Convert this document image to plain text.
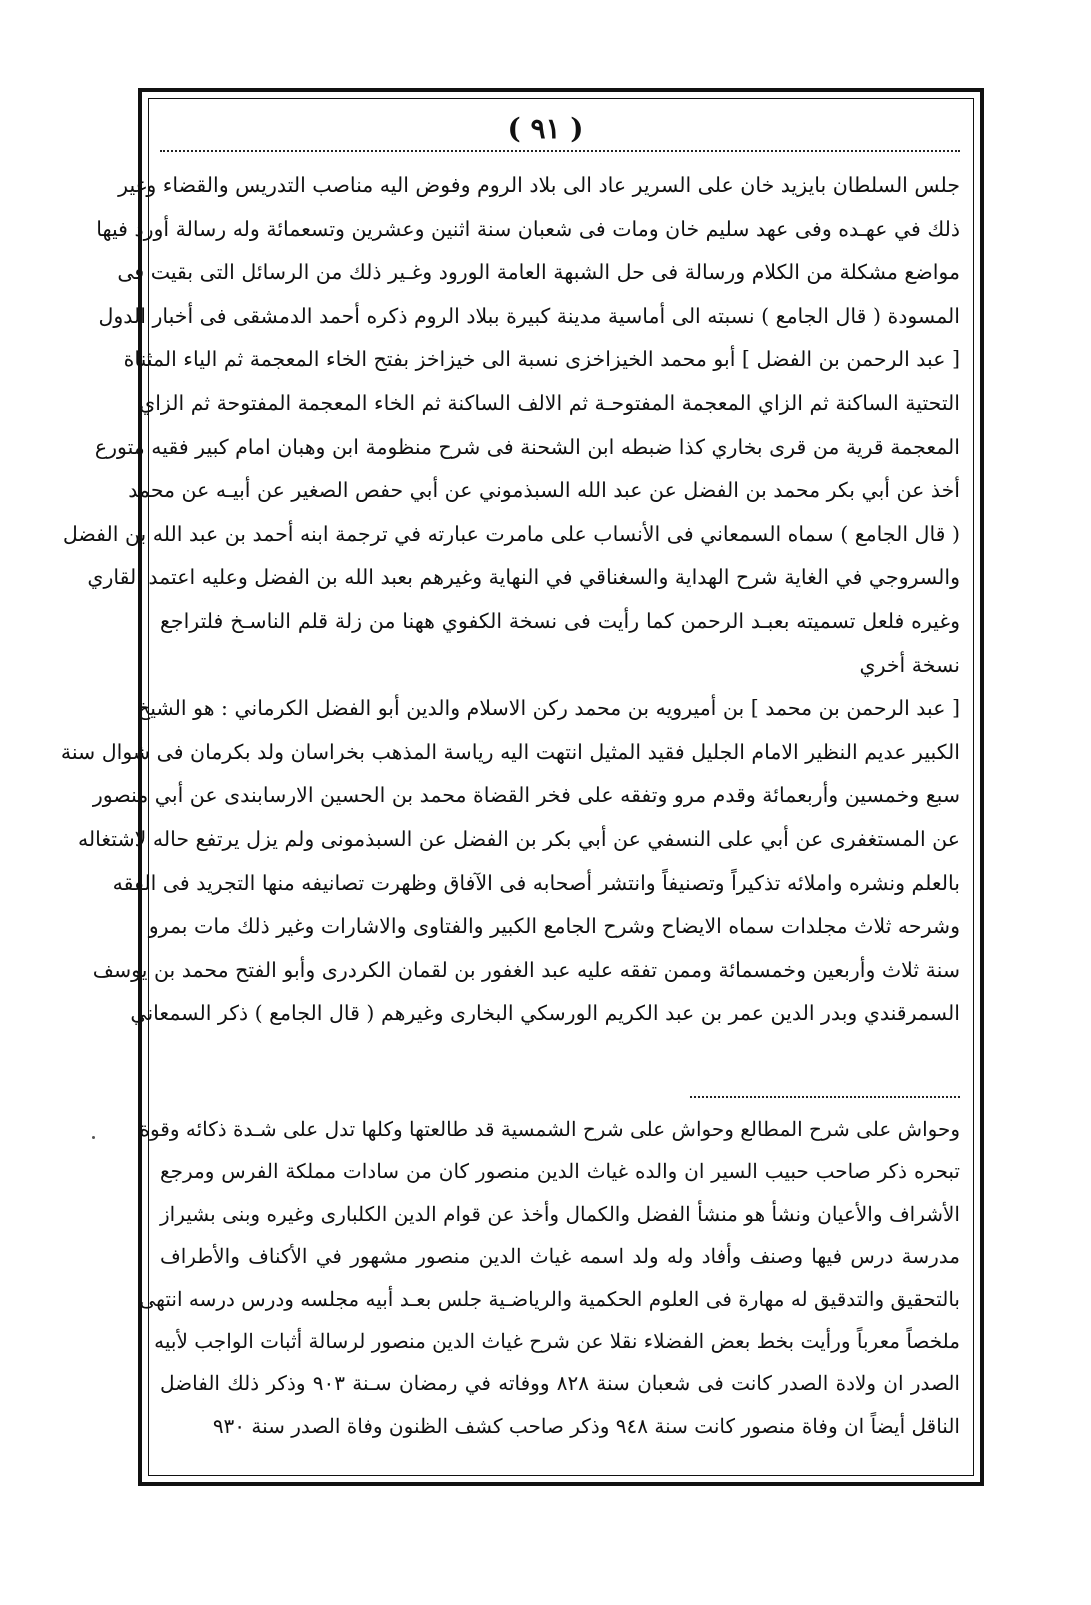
( ٩١ )
جلس السلطان بايزيد خان على السرير عاد الى بلاد الروم وفوض اليه مناصب التدريس والقضاء وغير
ذلك في عهـده وفى عهد سليم خان ومات فى شعبان سنة اثنين وعشرين وتسعمائة وله رسالة أورد فيها
مواضع مشكلة من الكلام ورسالة فى حل الشبهة العامة الورود وغـير ذلك من الرسائل التى بقيت فى
المسودة ( قال الجامع ) نسبته الى أماسية مدينة كبيرة ببلاد الروم ذكره أحمد الدمشقى فى أخبار الدول
[ عبد الرحمن بن الفضل ] أبو محمد الخيزاخزى نسبة الى خيزاخز بفتح الخاء المعجمة ثم الياء المثناة
التحتية الساكنة ثم الزاي المعجمة المفتوحـة ثم الالف الساكنة ثم الخاء المعجمة المفتوحة ثم الزاي
المعجمة قرية من قرى بخاري كذا ضبطه ابن الشحنة فى شرح منظومة ابن وهبان امام كبير فقيه متورع
أخذ عن أبي بكر محمد بن الفضل عن عبد الله السبذموني عن أبي حفص الصغير عن أبيـه عن محمد
( قال الجامع ) سماه السمعاني فى الأنساب على مامرت عبارته في ترجمة ابنه أحمد بن عبد الله بن الفضل
والسروجي في الغاية شرح الهداية والسغناقي في النهاية وغيرهم بعبد الله بن الفضل وعليه اعتمد القاري
وغيره فلعل تسميته بعبـد الرحمن كما رأيت فى نسخة الكفوي ههنا من زلة قلم الناسـخ فلتراجع
نسخة أخري
[ عبد الرحمن بن محمد ] بن أميرويه بن محمد ركن الاسلام والدين أبو الفضل الكرماني : هو الشيخ
الكبير عديم النظير الامام الجليل فقيد المثيل انتهت اليه رياسة المذهب بخراسان ولد بكرمان فى شوال سنة
سبع وخمسين وأربعمائة وقدم مرو وتفقه على فخر القضاة محمد بن الحسين الارسابندى عن أبي منصور
عن المستغفرى عن أبي على النسفي عن أبي بكر بن الفضل عن السبذمونى ولم يزل يرتفع حاله لاشتغاله
بالعلم ونشره واملائه تذكيراً وتصنيفاً وانتشر أصحابه فى الآفاق وظهرت تصانيفه منها التجريد فى الفقه
وشرحه ثلاث مجلدات سماه الايضاح وشرح الجامع الكبير والفتاوى والاشارات وغير ذلك مات بمرو
سنة ثلاث وأربعين وخمسمائة وممن تفقه عليه عبد الغفور بن لقمان الكردرى وأبو الفتح محمد بن يوسف
السمرقندي وبدر الدين عمر بن عبد الكريم الورسكي البخارى وغيرهم ( قال الجامع ) ذكر السمعاني
وحواش على شرح المطالع وحواش على شرح الشمسية قد طالعتها وكلها تدل على شـدة ذكائه وقوة
تبحره ذكر صاحب حبيب السير ان والده غياث الدين منصور كان من سادات مملكة الفرس ومرجع
الأشراف والأعيان ونشأ هو منشأ الفضل والكمال وأخذ عن قوام الدين الكلبارى وغيره وبنى بشيراز
مدرسة درس فيها وصنف وأفاد وله ولد اسمه غياث الدين منصور مشهور في الأكناف والأطراف
بالتحقيق والتدقيق له مهارة فى العلوم الحكمية والرياضـية جلس بعـد أبيه مجلسه ودرس درسه انتهى
ملخصاً معرباً ورأيت بخط بعض الفضلاء نقلا عن شرح غياث الدين منصور لرسالة أثبات الواجب لأبيه
الصدر ان ولادة الصدر كانت فى شعبان سنة ٨٢٨ ووفاته في رمضان سـنة ٩٠٣ وذكر ذلك الفاضل
الناقل أيضاً ان وفاة منصور كانت سنة ٩٤٨ وذكر صاحب كشف الظنون وفاة الصدر سنة ٩٣٠
